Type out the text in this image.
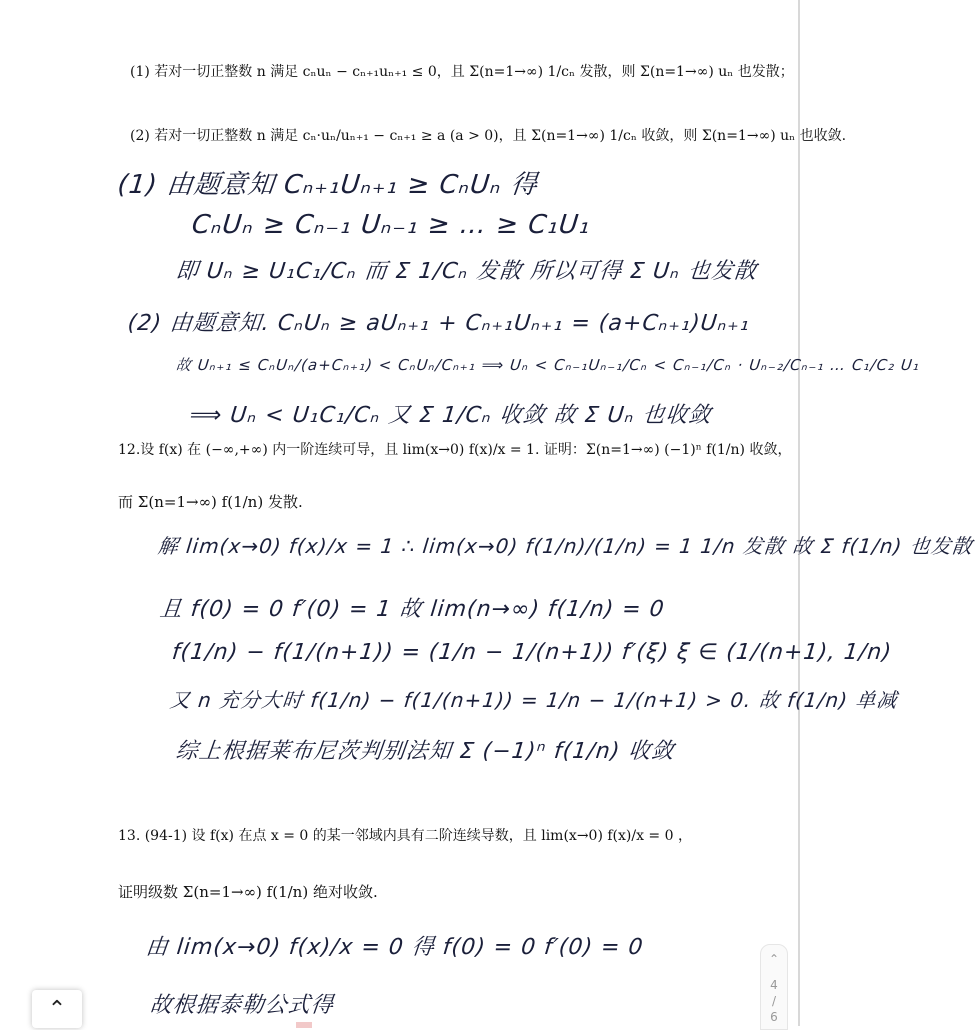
(1) 若对一切正整数 n 满足 cₙuₙ − cₙ₊₁uₙ₊₁ ≤ 0，且 Σ(n=1→∞) 1/cₙ 发散，则 Σ(n=1→∞) uₙ 也发散；
(2) 若对一切正整数 n 满足 cₙ·uₙ/uₙ₊₁ − cₙ₊₁ ≥ a (a > 0)，且 Σ(n=1→∞) 1/cₙ 收敛，则 Σ(n=1→∞) uₙ 也收敛.
(1) 由题意知 Cₙ₊₁Uₙ₊₁ ≥ CₙUₙ 得
CₙUₙ ≥ Cₙ₋₁ Uₙ₋₁ ≥ … ≥ C₁U₁
即 Uₙ ≥ U₁C₁/Cₙ 而 Σ 1/Cₙ 发散 所以可得 Σ Uₙ 也发散
(2) 由题意知. CₙUₙ ≥ aUₙ₊₁ + Cₙ₊₁Uₙ₊₁ = (a+Cₙ₊₁)Uₙ₊₁
故 Uₙ₊₁ ≤ CₙUₙ/(a+Cₙ₊₁) < CₙUₙ/Cₙ₊₁ ⟹ Uₙ < Cₙ₋₁Uₙ₋₁/Cₙ < Cₙ₋₁/Cₙ · Uₙ₋₂/Cₙ₋₁ … C₁/C₂ U₁
⟹ Uₙ < U₁C₁/Cₙ 又 Σ 1/Cₙ 收敛 故 Σ Uₙ 也收敛
12.设 f(x) 在 (−∞,+∞) 内一阶连续可导，且 lim(x→0) f(x)/x = 1. 证明：Σ(n=1→∞) (−1)ⁿ f(1/n) 收敛，
而 Σ(n=1→∞) f(1/n) 发散.
解 lim(x→0) f(x)/x = 1 ∴ lim(x→0) f(1/n)/(1/n) = 1 1/n 发散 故 Σ f(1/n) 也发散
且 f(0) = 0 f′(0) = 1 故 lim(n→∞) f(1/n) = 0
f(1/n) − f(1/(n+1)) = (1/n − 1/(n+1)) f′(ξ) ξ ∈ (1/(n+1), 1/n)
又 n 充分大时 f(1/n) − f(1/(n+1)) = 1/n − 1/(n+1) > 0. 故 f(1/n) 单减
综上根据莱布尼茨判别法知 Σ (−1)ⁿ f(1/n) 收敛
13. (94-1) 设 f(x) 在点 x = 0 的某一邻域内具有二阶连续导数，且 lim(x→0) f(x)/x = 0 ，
证明级数 Σ(n=1→∞) f(1/n) 绝对收敛.
由 lim(x→0) f(x)/x = 0 得 f(0) = 0 f′(0) = 0
故根据泰勒公式得
⌃
⌃
4
/
6
